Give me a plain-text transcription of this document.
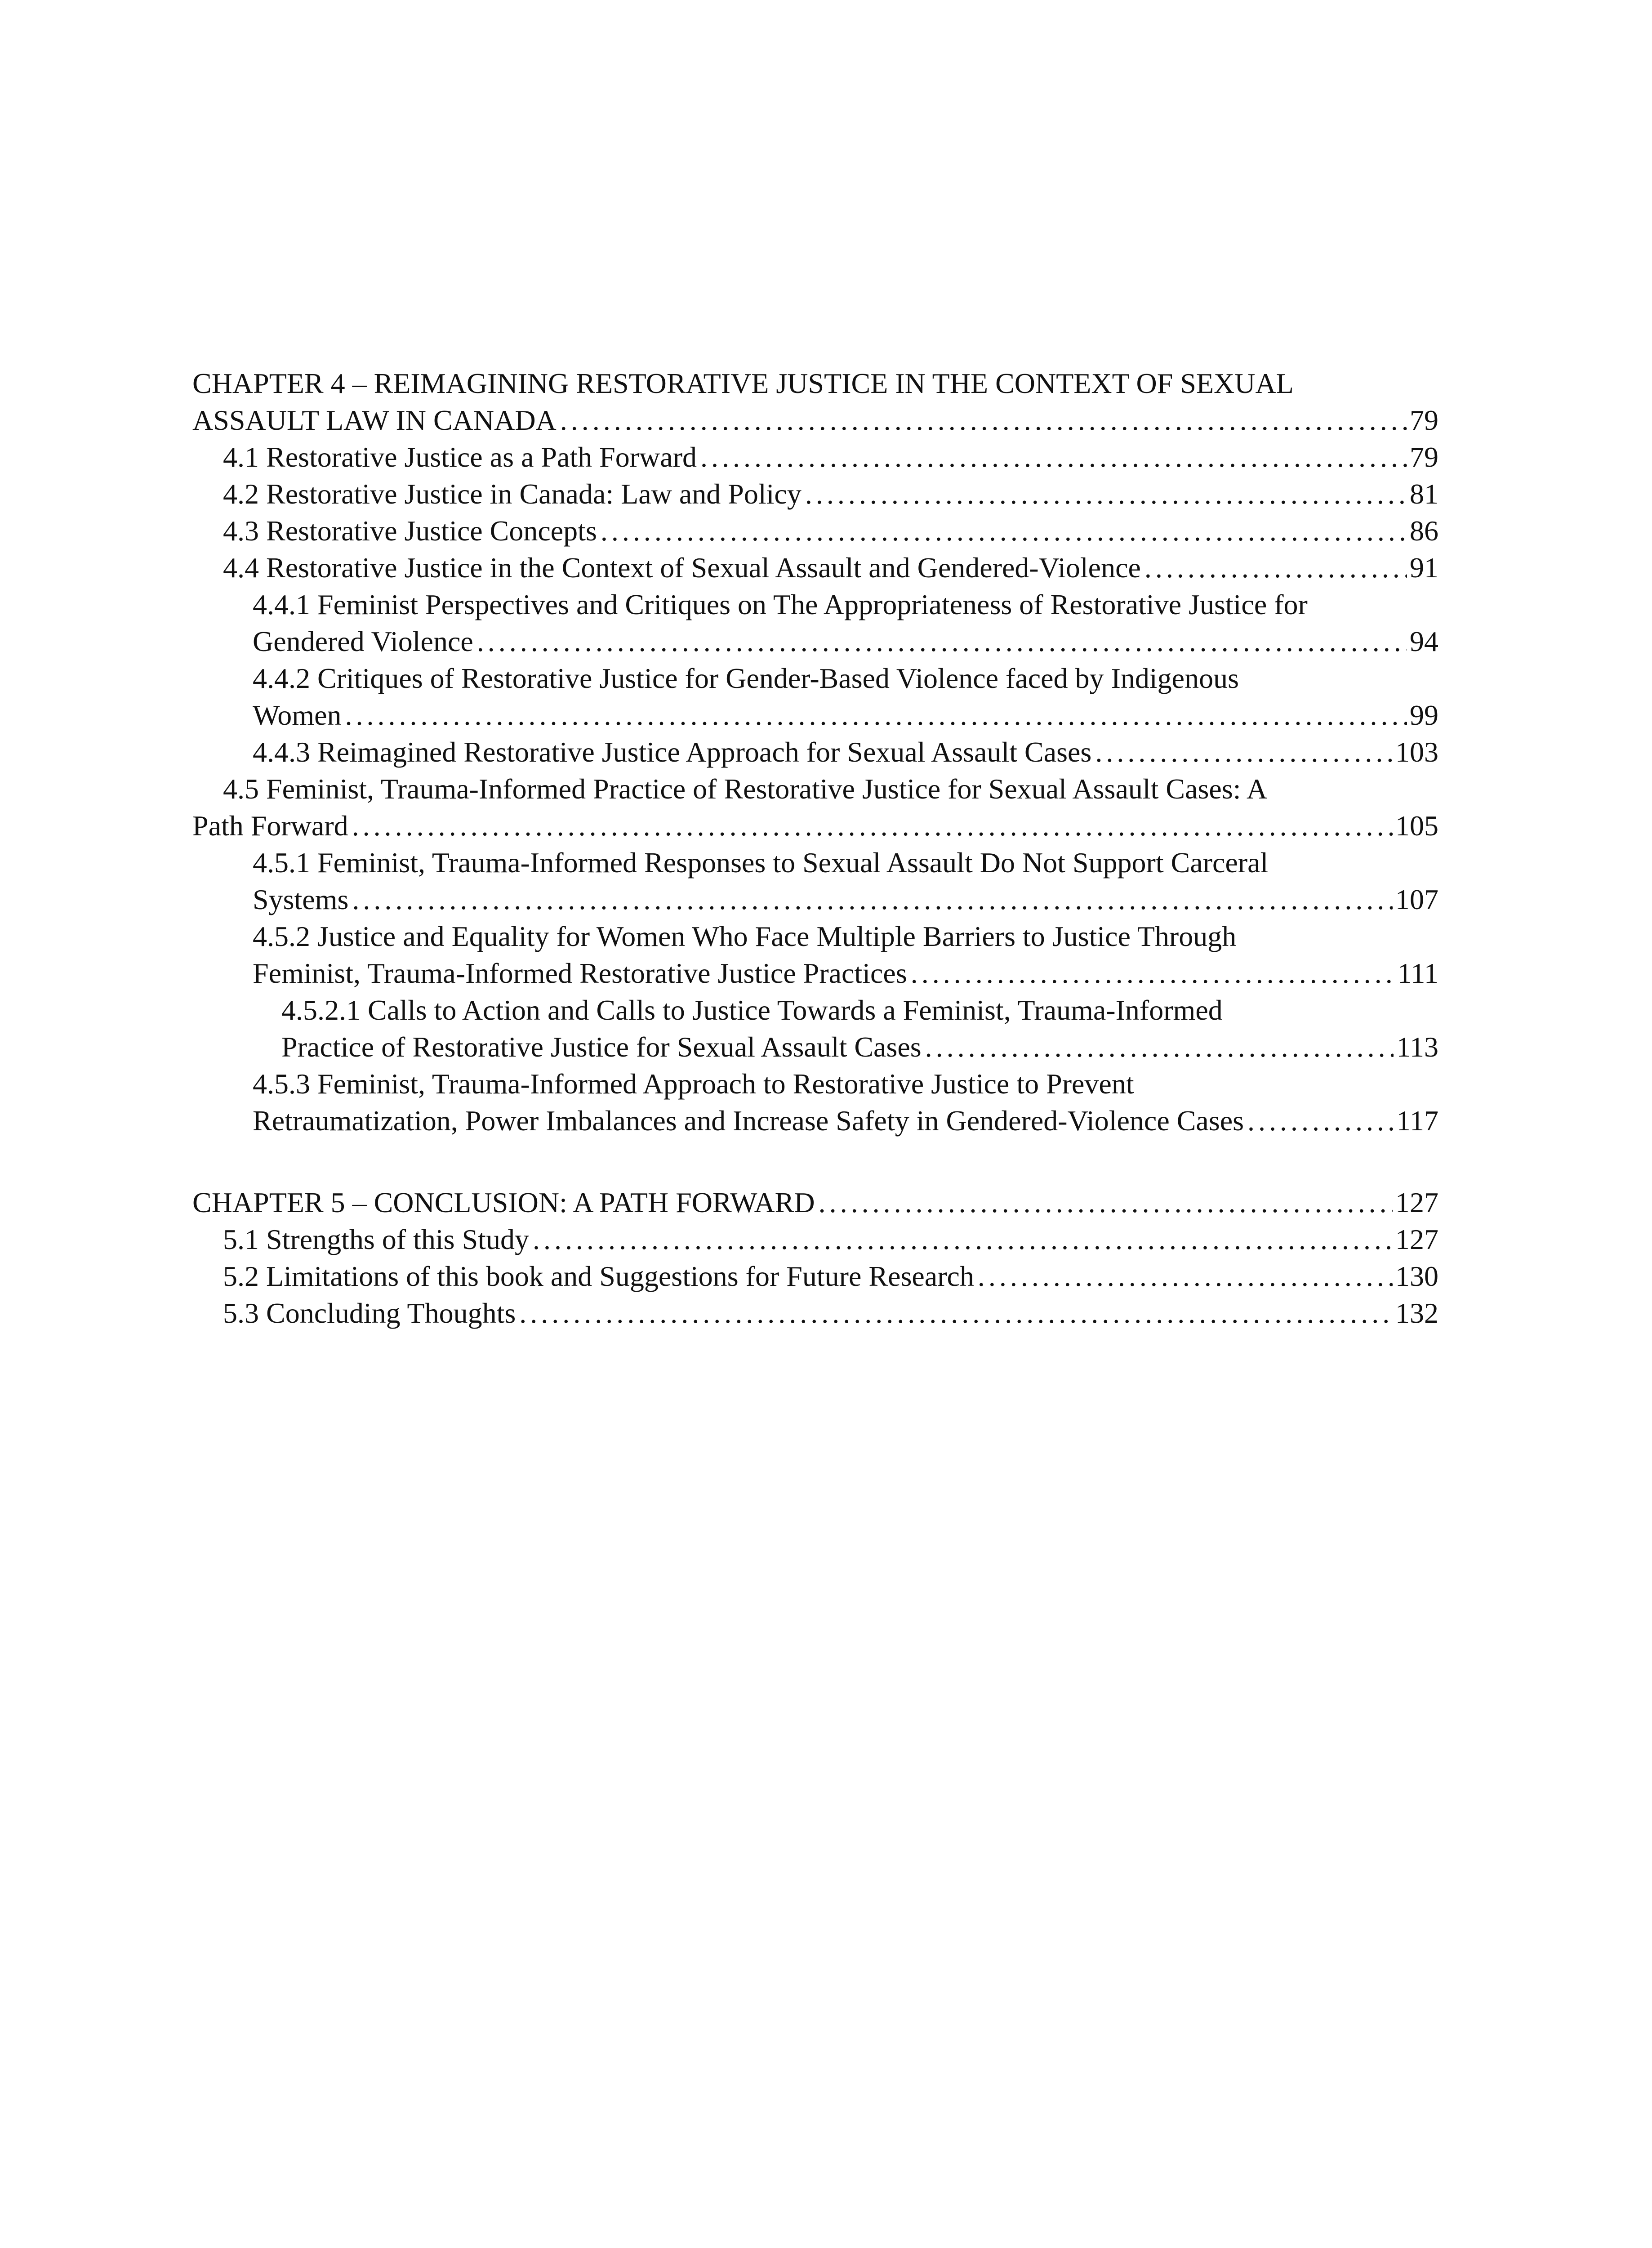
CHAPTER 4 – REIMAGINING RESTORATIVE JUSTICE IN THE CONTEXT OF SEXUAL
ASSAULT LAW IN CANADA . . .	79
4.1 Restorative Justice as a Path Forward . . .	79
4.2 Restorative Justice in Canada: Law and Policy . . .	81
4.3 Restorative Justice Concepts . . .	86
4.4 Restorative Justice in the Context of Sexual Assault and Gendered-Violence . . .	91
4.4.1 Feminist Perspectives and Critiques on The Appropriateness of Restorative Justice for
Gendered Violence . . .	94
4.4.2 Critiques of Restorative Justice for Gender-Based Violence faced by Indigenous
Women . . .	99
4.4.3 Reimagined Restorative Justice Approach for Sexual Assault Cases . . .	103
4.5 Feminist, Trauma-Informed Practice of Restorative Justice for Sexual Assault Cases: A
Path Forward . . .	105
4.5.1 Feminist, Trauma-Informed Responses to Sexual Assault Do Not Support Carceral
Systems . . .	107
4.5.2 Justice and Equality for Women Who Face Multiple Barriers to Justice Through
Feminist, Trauma-Informed Restorative Justice Practices . . .	111
4.5.2.1 Calls to Action and Calls to Justice Towards a Feminist, Trauma-Informed
Practice of Restorative Justice for Sexual Assault Cases . . .	113
4.5.3 Feminist, Trauma-Informed Approach to Restorative Justice to Prevent
Retraumatization, Power Imbalances and Increase Safety in Gendered-Violence Cases . . .	117
CHAPTER 5 – CONCLUSION: A PATH FORWARD . . .	127
5.1 Strengths of this Study . . .	127
5.2 Limitations of this book and Suggestions for Future Research . . .	130
5.3 Concluding Thoughts . . .	132
